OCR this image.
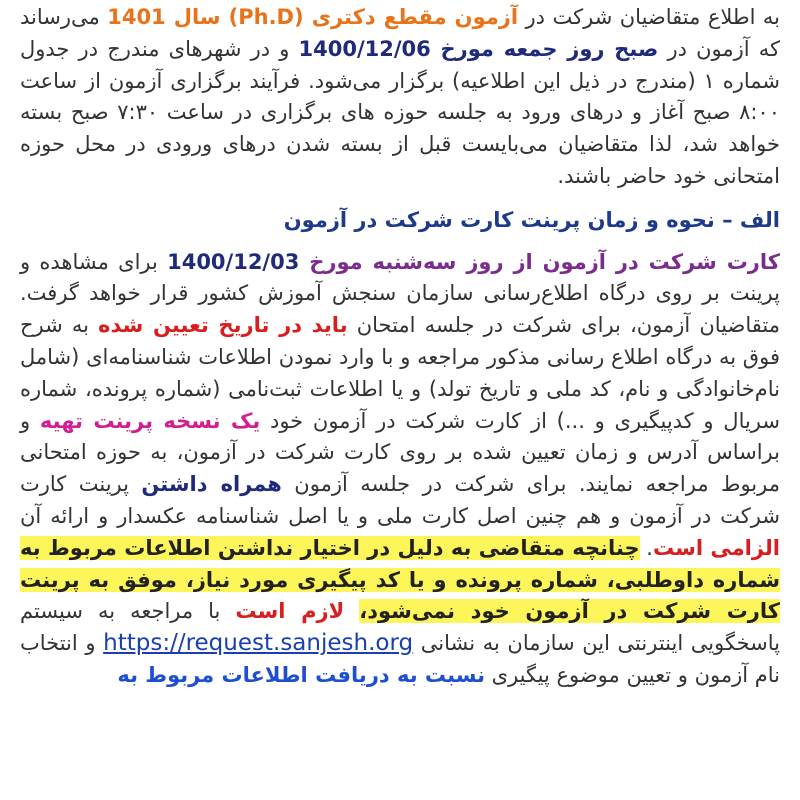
به اطلاع متقاضیان شرکت در آزمون مقطع دکتری (Ph.D) سال 1401 می‌رساند که آزمون در صبح روز جمعه مورخ 1400/12/06 و در شهرهای مندرج در جدول شماره ۱ (مندرج در ذیل این اطلاعیه) برگزار می‌شود. فرآیند برگزاری آزمون از ساعت ۸:۰۰ صبح آغاز و درهای ورود به جلسه حوزه های برگزاری در ساعت ۷:۳۰ صبح بسته خواهد شد، لذا متقاضیان می‌بایست قبل از بسته شدن درهای ورودی در محل حوزه امتحانی خود حاضر باشند.

الف – نحوه و زمان پرینت کارت شرکت در آزمون

کارت شرکت در آزمون از روز سه‌شنبه مورخ 1400/12/03 برای مشاهده و پرینت بر روی درگاه اطلاع‌رسانی سازمان سنجش آموزش کشور قرار خواهد گرفت. متقاضیان آزمون، برای شرکت در جلسه امتحان باید در تاریخ تعیین شده به شرح فوق به درگاه اطلاع رسانی مذکور مراجعه و با وارد نمودن اطلاعات شناسنامه‌ای (شامل نام‌خانوادگی و نام، کد ملی و تاریخ تولد) و یا اطلاعات ثبت‌نامی (شماره پرونده، شماره سریال و کدپیگیری و ...) از کارت شرکت در آزمون خود یک نسخه پرینت تهیه و براساس آدرس و زمان تعیین شده بر روی کارت شرکت در آزمون، به حوزه امتحانی مربوط مراجعه نمایند. برای شرکت در جلسه آزمون همراه داشتن پرینت کارت شرکت در آزمون و هم چنین اصل کارت ملی و یا اصل شناسنامه عکسدار و ارائه آن الزامی است. چنانچه متقاضی به دلیل در اختیار نداشتن اطلاعات مربوط به شماره داوطلبی، شماره پرونده و یا کد پیگیری مورد نیاز، موفق به پرینت کارت شرکت در آزمون خود نمی‌شود، لازم است با مراجعه به سیستم پاسخگویی اینترنتی این سازمان به نشانی https://request.sanjesh.org و انتخاب نام آزمون و تعیین موضوع پیگیری نسبت به دریافت اطلاعات مربوط به
